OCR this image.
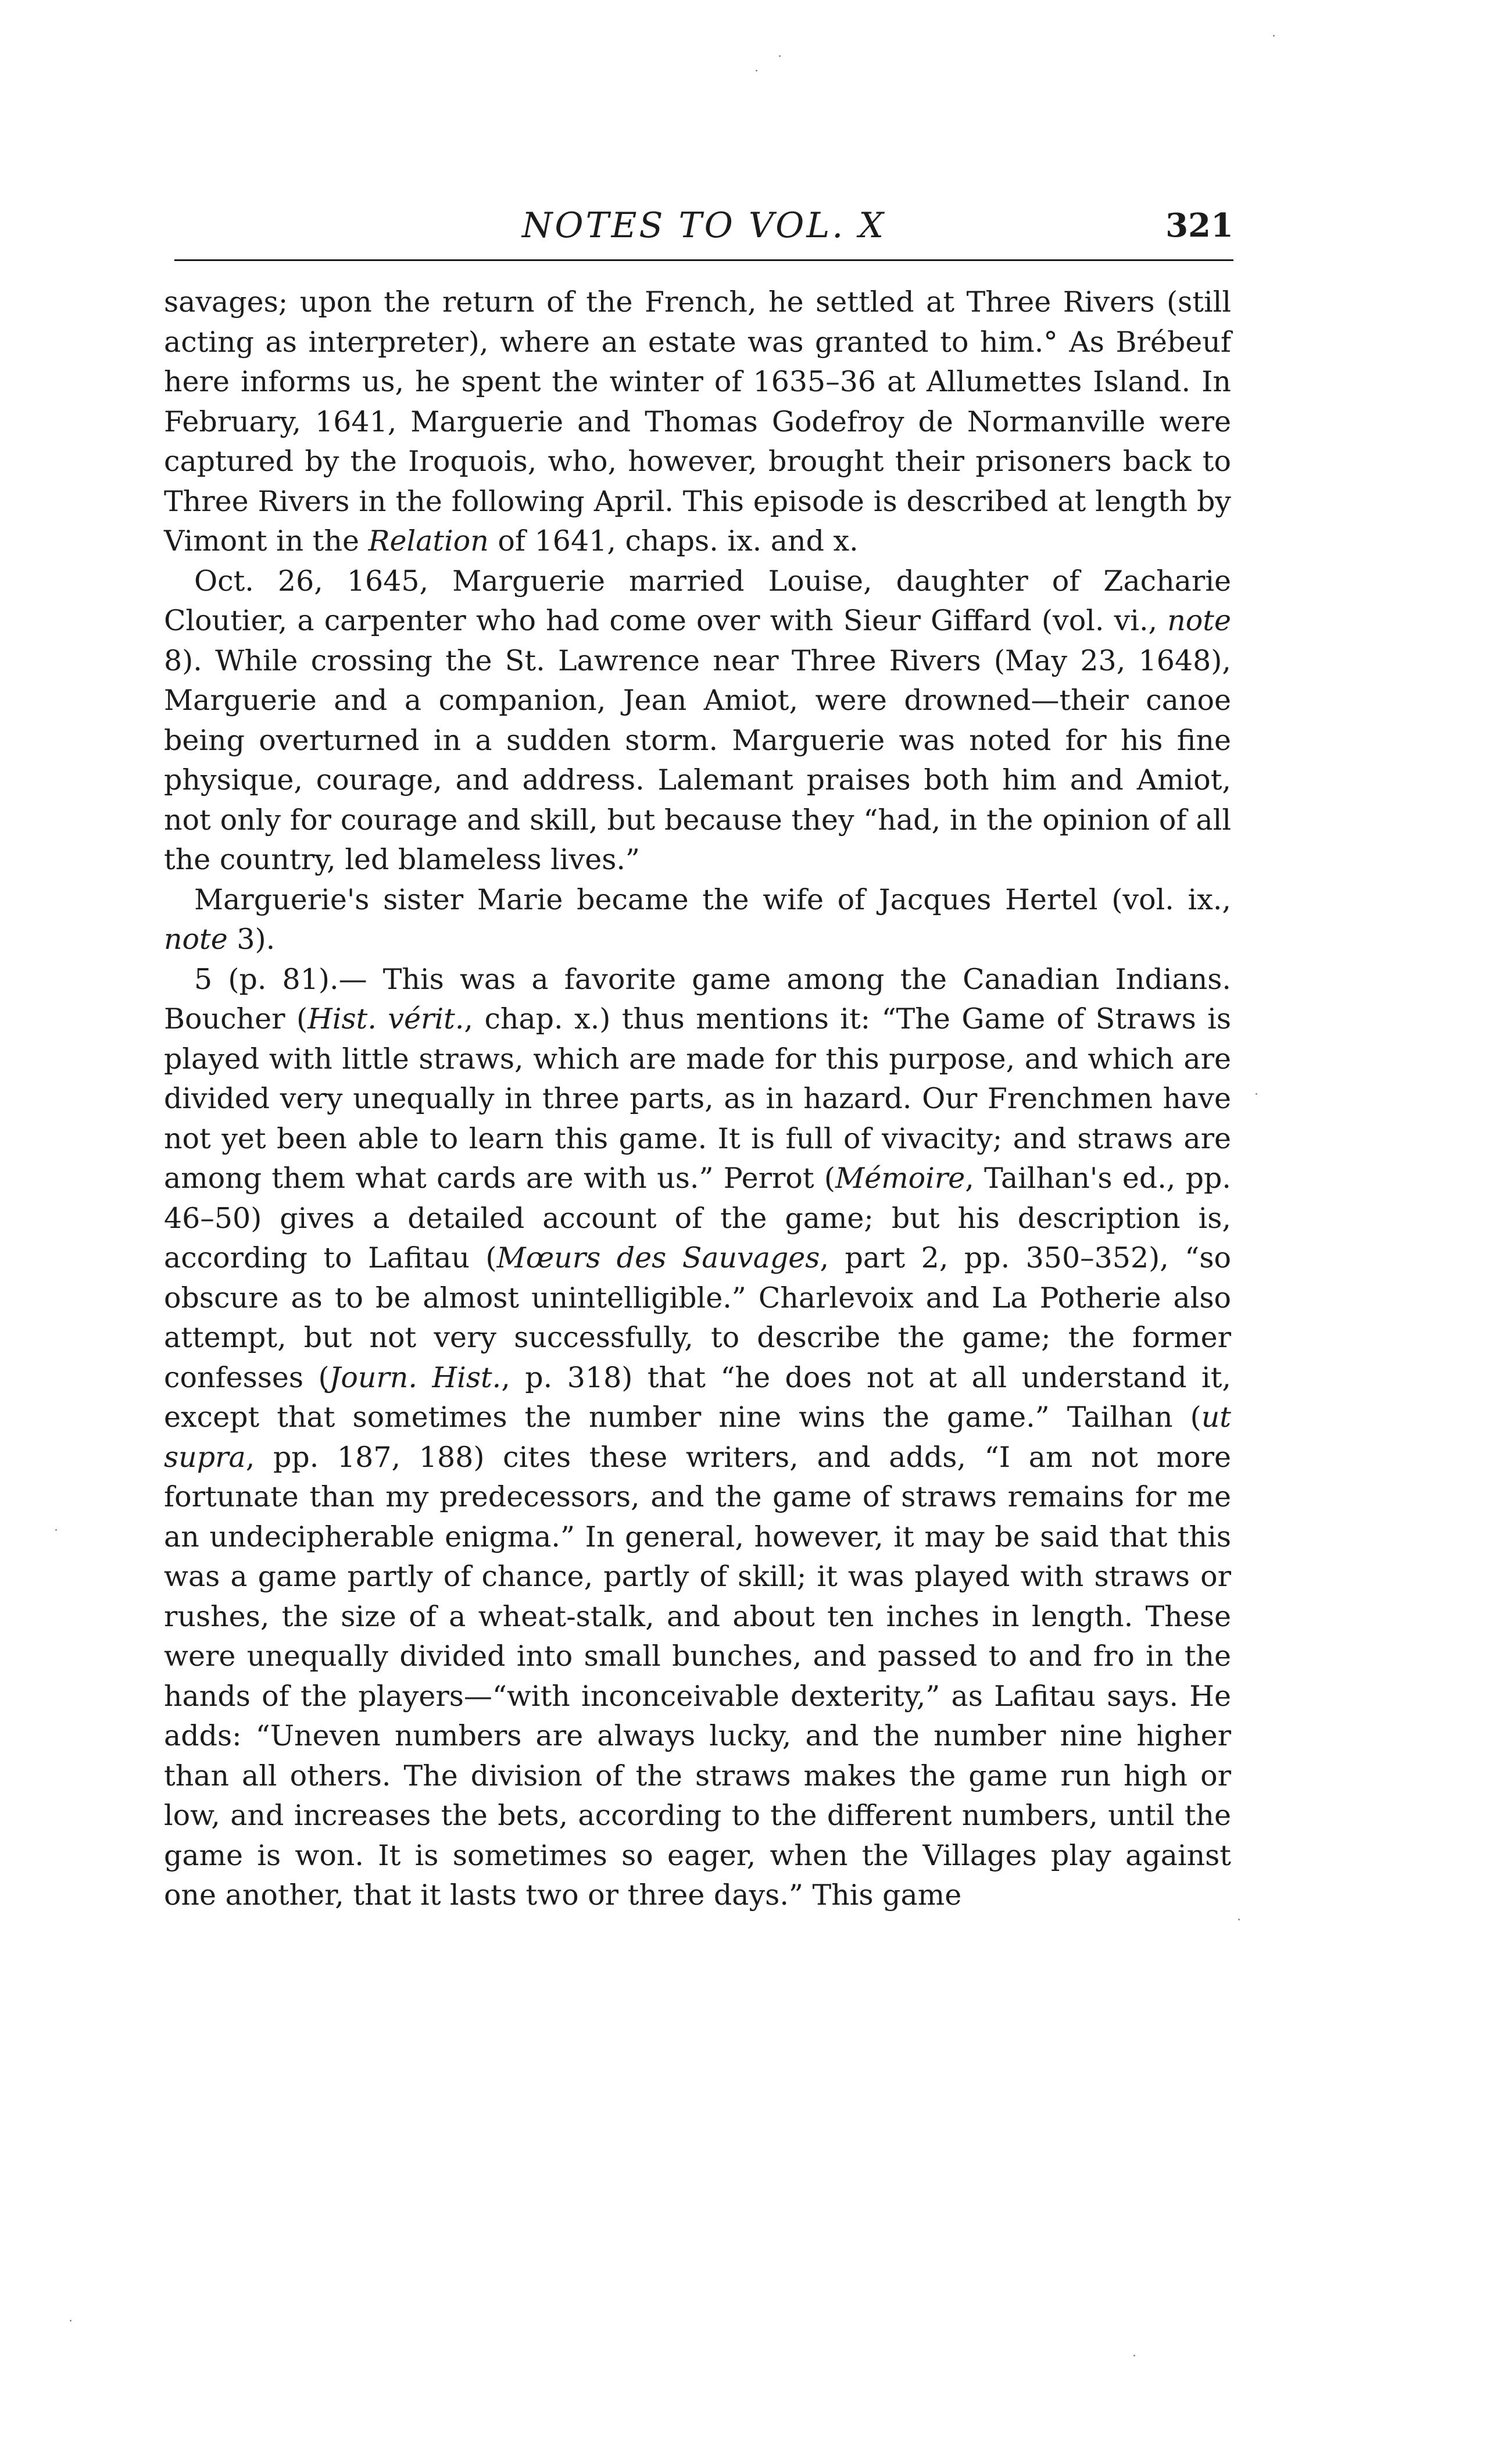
NOTES TO VOL. X	321

savages; upon the return of the French, he settled at Three Rivers (still acting as interpreter), where an estate was granted to him.° As Brébeuf here informs us, he spent the winter of 1635–36 at Allumettes Island. In February, 1641, Marguerie and Thomas Godefroy de Normanville were captured by the Iroquois, who, however, brought their prisoners back to Three Rivers in the following April. This episode is described at length by Vimont in the Relation of 1641, chaps. ix. and x.

Oct. 26, 1645, Marguerie married Louise, daughter of Zacharie Cloutier, a carpenter who had come over with Sieur Giffard (vol. vi., note 8). While crossing the St. Lawrence near Three Rivers (May 23, 1648), Marguerie and a companion, Jean Amiot, were drowned—their canoe being overturned in a sudden storm. Marguerie was noted for his fine physique, courage, and address. Lalemant praises both him and Amiot, not only for courage and skill, but because they “had, in the opinion of all the country, led blameless lives.”

Marguerie's sister Marie became the wife of Jacques Hertel (vol. ix., note 3).

5 (p. 81).— This was a favorite game among the Canadian Indians. Boucher (Hist. vérit., chap. x.) thus mentions it: “The Game of Straws is played with little straws, which are made for this purpose, and which are divided very unequally in three parts, as in hazard. Our Frenchmen have not yet been able to learn this game. It is full of vivacity; and straws are among them what cards are with us.” Perrot (Mémoire, Tailhan's ed., pp. 46–50) gives a detailed account of the game; but his description is, according to Lafitau (Mœurs des Sauvages, part 2, pp. 350–352), “so obscure as to be almost unintelligible.” Charlevoix and La Potherie also attempt, but not very successfully, to describe the game; the former confesses (Journ. Hist., p. 318) that “he does not at all understand it, except that sometimes the number nine wins the game.” Tailhan (ut supra, pp. 187, 188) cites these writers, and adds, “I am not more fortunate than my predecessors, and the game of straws remains for me an undecipherable enigma.” In general, however, it may be said that this was a game partly of chance, partly of skill; it was played with straws or rushes, the size of a wheat-stalk, and about ten inches in length. These were unequally divided into small bunches, and passed to and fro in the hands of the players—“with inconceivable dexterity,” as Lafitau says. He adds: “Uneven numbers are always lucky, and the number nine higher than all others. The division of the straws makes the game run high or low, and increases the bets, according to the different numbers, until the game is won. It is sometimes so eager, when the Villages play against one another, that it lasts two or three days.” This game
